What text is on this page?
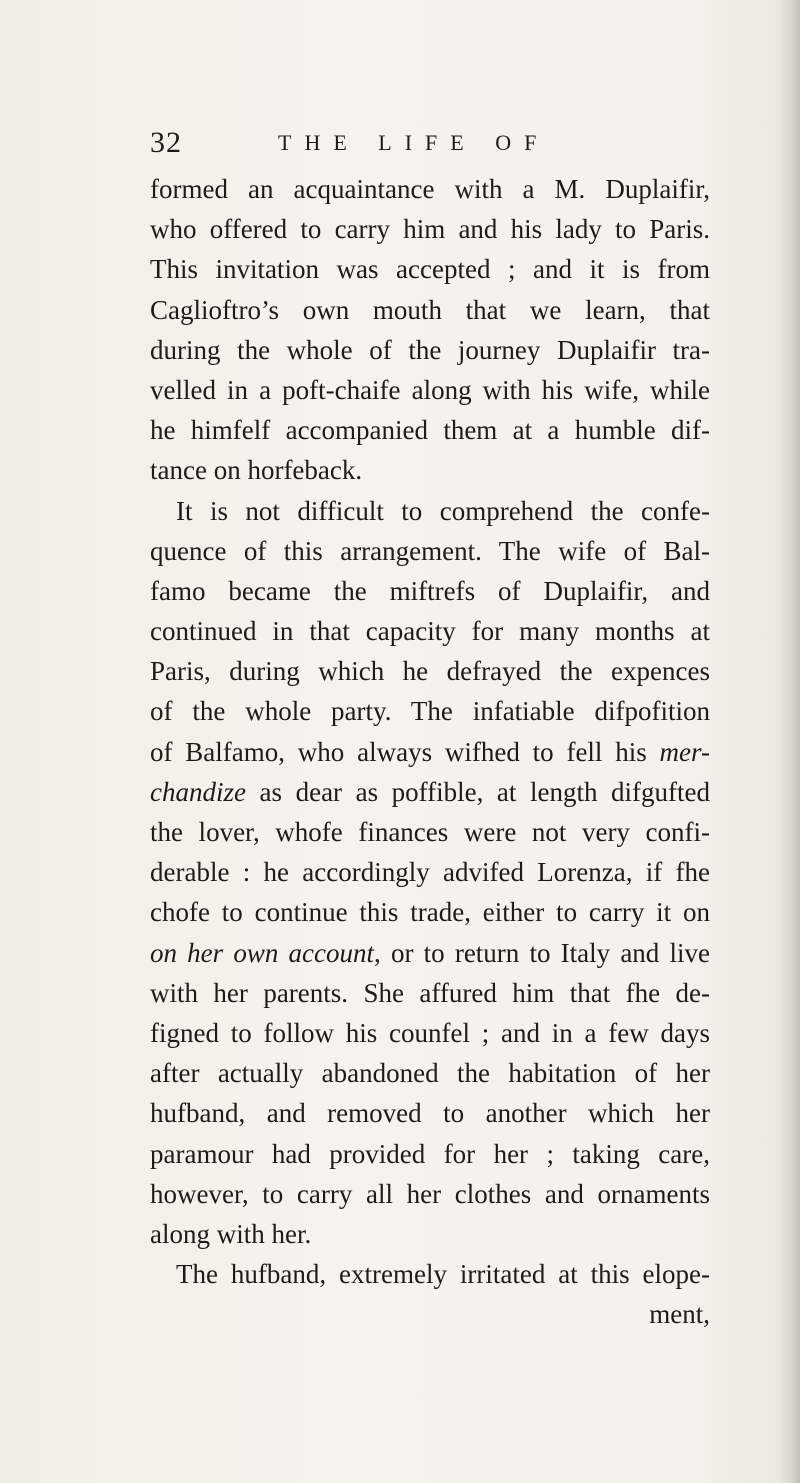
32	THE LIFE OF
formed an acquaintance with a M. Duplaifir,
who offered to carry him and his lady to Paris.
This invitation was accepted ; and it is from
Caglioftro’s own mouth that we learn, that
during the whole of the journey Duplaifir tra-
velled in a poft-chaife along with his wife, while
he himfelf accompanied them at a humble dif-
tance on horfeback.
It is not difficult to comprehend the confe-
quence of this arrangement. The wife of Bal-
famo became the miftrefs of Duplaifir, and
continued in that capacity for many months at
Paris, during which he defrayed the expences
of the whole party. The infatiable difpofition
of Balfamo, who always wifhed to fell his mer-
chandize as dear as poffible, at length difgufted
the lover, whofe finances were not very confi-
derable : he accordingly advifed Lorenza, if fhe
chofe to continue this trade, either to carry it on
on her own account, or to return to Italy and live
with her parents. She affured him that fhe de-
figned to follow his counfel ; and in a few days
after actually abandoned the habitation of her
hufband, and removed to another which her
paramour had provided for her ; taking care,
however, to carry all her clothes and ornaments
along with her.
The hufband, extremely irritated at this elope-
ment,
